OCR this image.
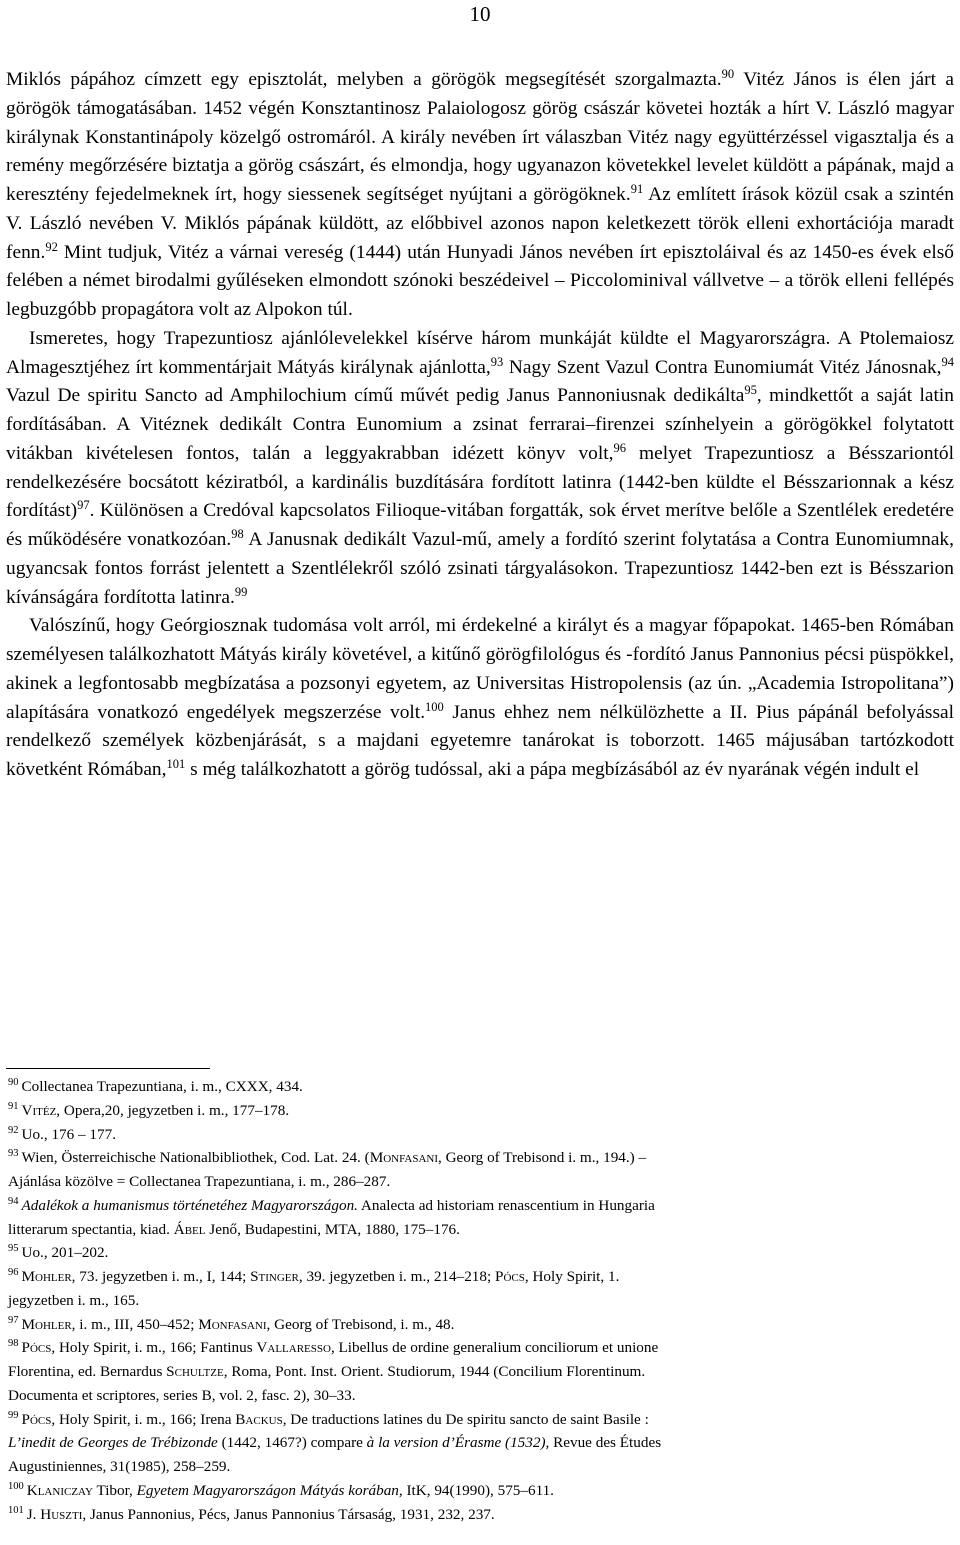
10

Miklós pápához címzett egy episztolát, melyben a görögök megsegítését szorgalmazta.$^{90}$ Vitéz János is élen járt a görögök támogatásában. 1452 végén Konsztantinosz Palaiologosz görög császár követei hozták a hírt V. László magyar királynak Konstantinápoly közelgő ostromáról. A király nevében írt válaszban Vitéz nagy együttérzéssel vigasztalja és a remény megőrzésére biztatja a görög császárt, és elmondja, hogy ugyanazon követekkel levelet küldött a pápának, majd a keresztény fejedelmeknek írt, hogy siessenek segítséget nyújtani a görögöknek.$^{91}$ Az említett írások közül csak a szintén V. László nevében V. Miklós pápának küldött, az előbbivel azonos napon keletkezett török elleni exhortációja maradt fenn.$^{92}$ Mint tudjuk, Vitéz a várnai vereség (1444) után Hunyadi János nevében írt episztoláival és az 1450-es évek első felében a német birodalmi gyűléseken elmondott szónoki beszédeivel – Piccolominival vállvetve – a török elleni fellépés legbuzgóbb propagátora volt az Alpokon túl.

Ismeretes, hogy Trapezuntiosz ajánlólevelekkel kísérve három munkáját küldte el Magyarországra. A Ptolemaiosz Almagesztjéhez írt kommentárjait Mátyás királynak ajánlotta,$^{93}$ Nagy Szent Vazul Contra Eunomiumát Vitéz Jánosnak,$^{94}$ Vazul De spiritu Sancto ad Amphilochium című művét pedig Janus Pannoniusnak dedikálta$^{95}$, mindkettőt a saját latin fordításában. A Vitéznek dedikált Contra Eunomium a zsinat ferrarai–firenzei színhelyein a görögökkel folytatott vitákban kivételesen fontos, talán a leggyakrabban idézett könyv volt,$^{96}$ melyet Trapezuntiosz a Bésszariontól rendelkezésére bocsátott kéziratból, a kardinális buzdítására fordított latinra (1442-ben küldte el Bésszarionnak a kész fordítást)$^{97}$. Különösen a Credóval kapcsolatos Filioque-vitában forgatták, sok érvet merítve belőle a Szentlélek eredetére és működésére vonatkozóan.$^{98}$ A Janusnak dedikált Vazul-mű, amely a fordító szerint folytatása a Contra Eunomiumnak, ugyancsak fontos forrást jelentett a Szentlélekről szóló zsinati tárgyalásokon. Trapezuntiosz 1442-ben ezt is Bésszarion kívánságára fordította latinra.$^{99}$

Valószínű, hogy Geórgiosznak tudomása volt arról, mi érdekelné a királyt és a magyar főpapokat. 1465-ben Rómában személyesen találkozhatott Mátyás király követével, a kitűnő görögfilológus és -fordító Janus Pannonius pécsi püspökkel, akinek a legfontosabb megbízatása a pozsonyi egyetem, az Universitas Histropolensis (az ún. „Academia Istropolitana”) alapítására vonatkozó engedélyek megszerzése volt.$^{100}$ Janus ehhez nem nélkülözhette a II. Pius pápánál befolyással rendelkező személyek közbenjárását, s a majdani egyetemre tanárokat is toborzott. 1465 májusában tartózkodott követként Rómában,$^{101}$ s még találkozhatott a görög tudóssal, aki a pápa megbízásából az év nyarának végén indult el

$^{90}$ Collectanea Trapezuntiana, i. m., CXXX, 434.
$^{91}$ Vitéz, Opera,20, jegyzetben i. m., 177–178.
$^{92}$ Uo., 176 – 177.
$^{93}$ Wien, Österreichische Nationalbibliothek, Cod. Lat. 24. (Monfasani, Georg of Trebisond i. m., 194.) –
Ajánlása közölve = Collectanea Trapezuntiana, i. m., 286–287.
$^{94}$ Adalékok a humanismus történetéhez Magyarországon. Analecta ad historiam renascentium in Hungaria
litterarum spectantia, kiad. Ábel Jenő, Budapestini, MTA, 1880, 175–176.
$^{95}$ Uo., 201–202.
$^{96}$ Mohler, 73. jegyzetben i. m., I, 144; Stinger, 39. jegyzetben i. m., 214–218; Pócs, Holy Spirit, 1.
jegyzetben i. m., 165.
$^{97}$ Mohler, i. m., III, 450–452; Monfasani, Georg of Trebisond, i. m., 48.
$^{98}$ Pócs, Holy Spirit, i. m., 166; Fantinus Vallaresso, Libellus de ordine generalium conciliorum et unione
Florentina, ed. Bernardus Schultze, Roma, Pont. Inst. Orient. Studiorum, 1944 (Concilium Florentinum.
Documenta et scriptores, series B, vol. 2, fasc. 2), 30–33.
$^{99}$ Pócs, Holy Spirit, i. m., 166; Irena Backus, De traductions latines du De spiritu sancto de saint Basile :
L’inedit de Georges de Trébizonde (1442, 1467?) compare à la version d’Érasme (1532), Revue des Études
Augustiniennes, 31(1985), 258–259.
$^{100}$ Klaniczay Tibor, Egyetem Magyarországon Mátyás korában, ItK, 94(1990), 575–611.
$^{101}$ J. Huszti, Janus Pannonius, Pécs, Janus Pannonius Társaság, 1931, 232, 237.
